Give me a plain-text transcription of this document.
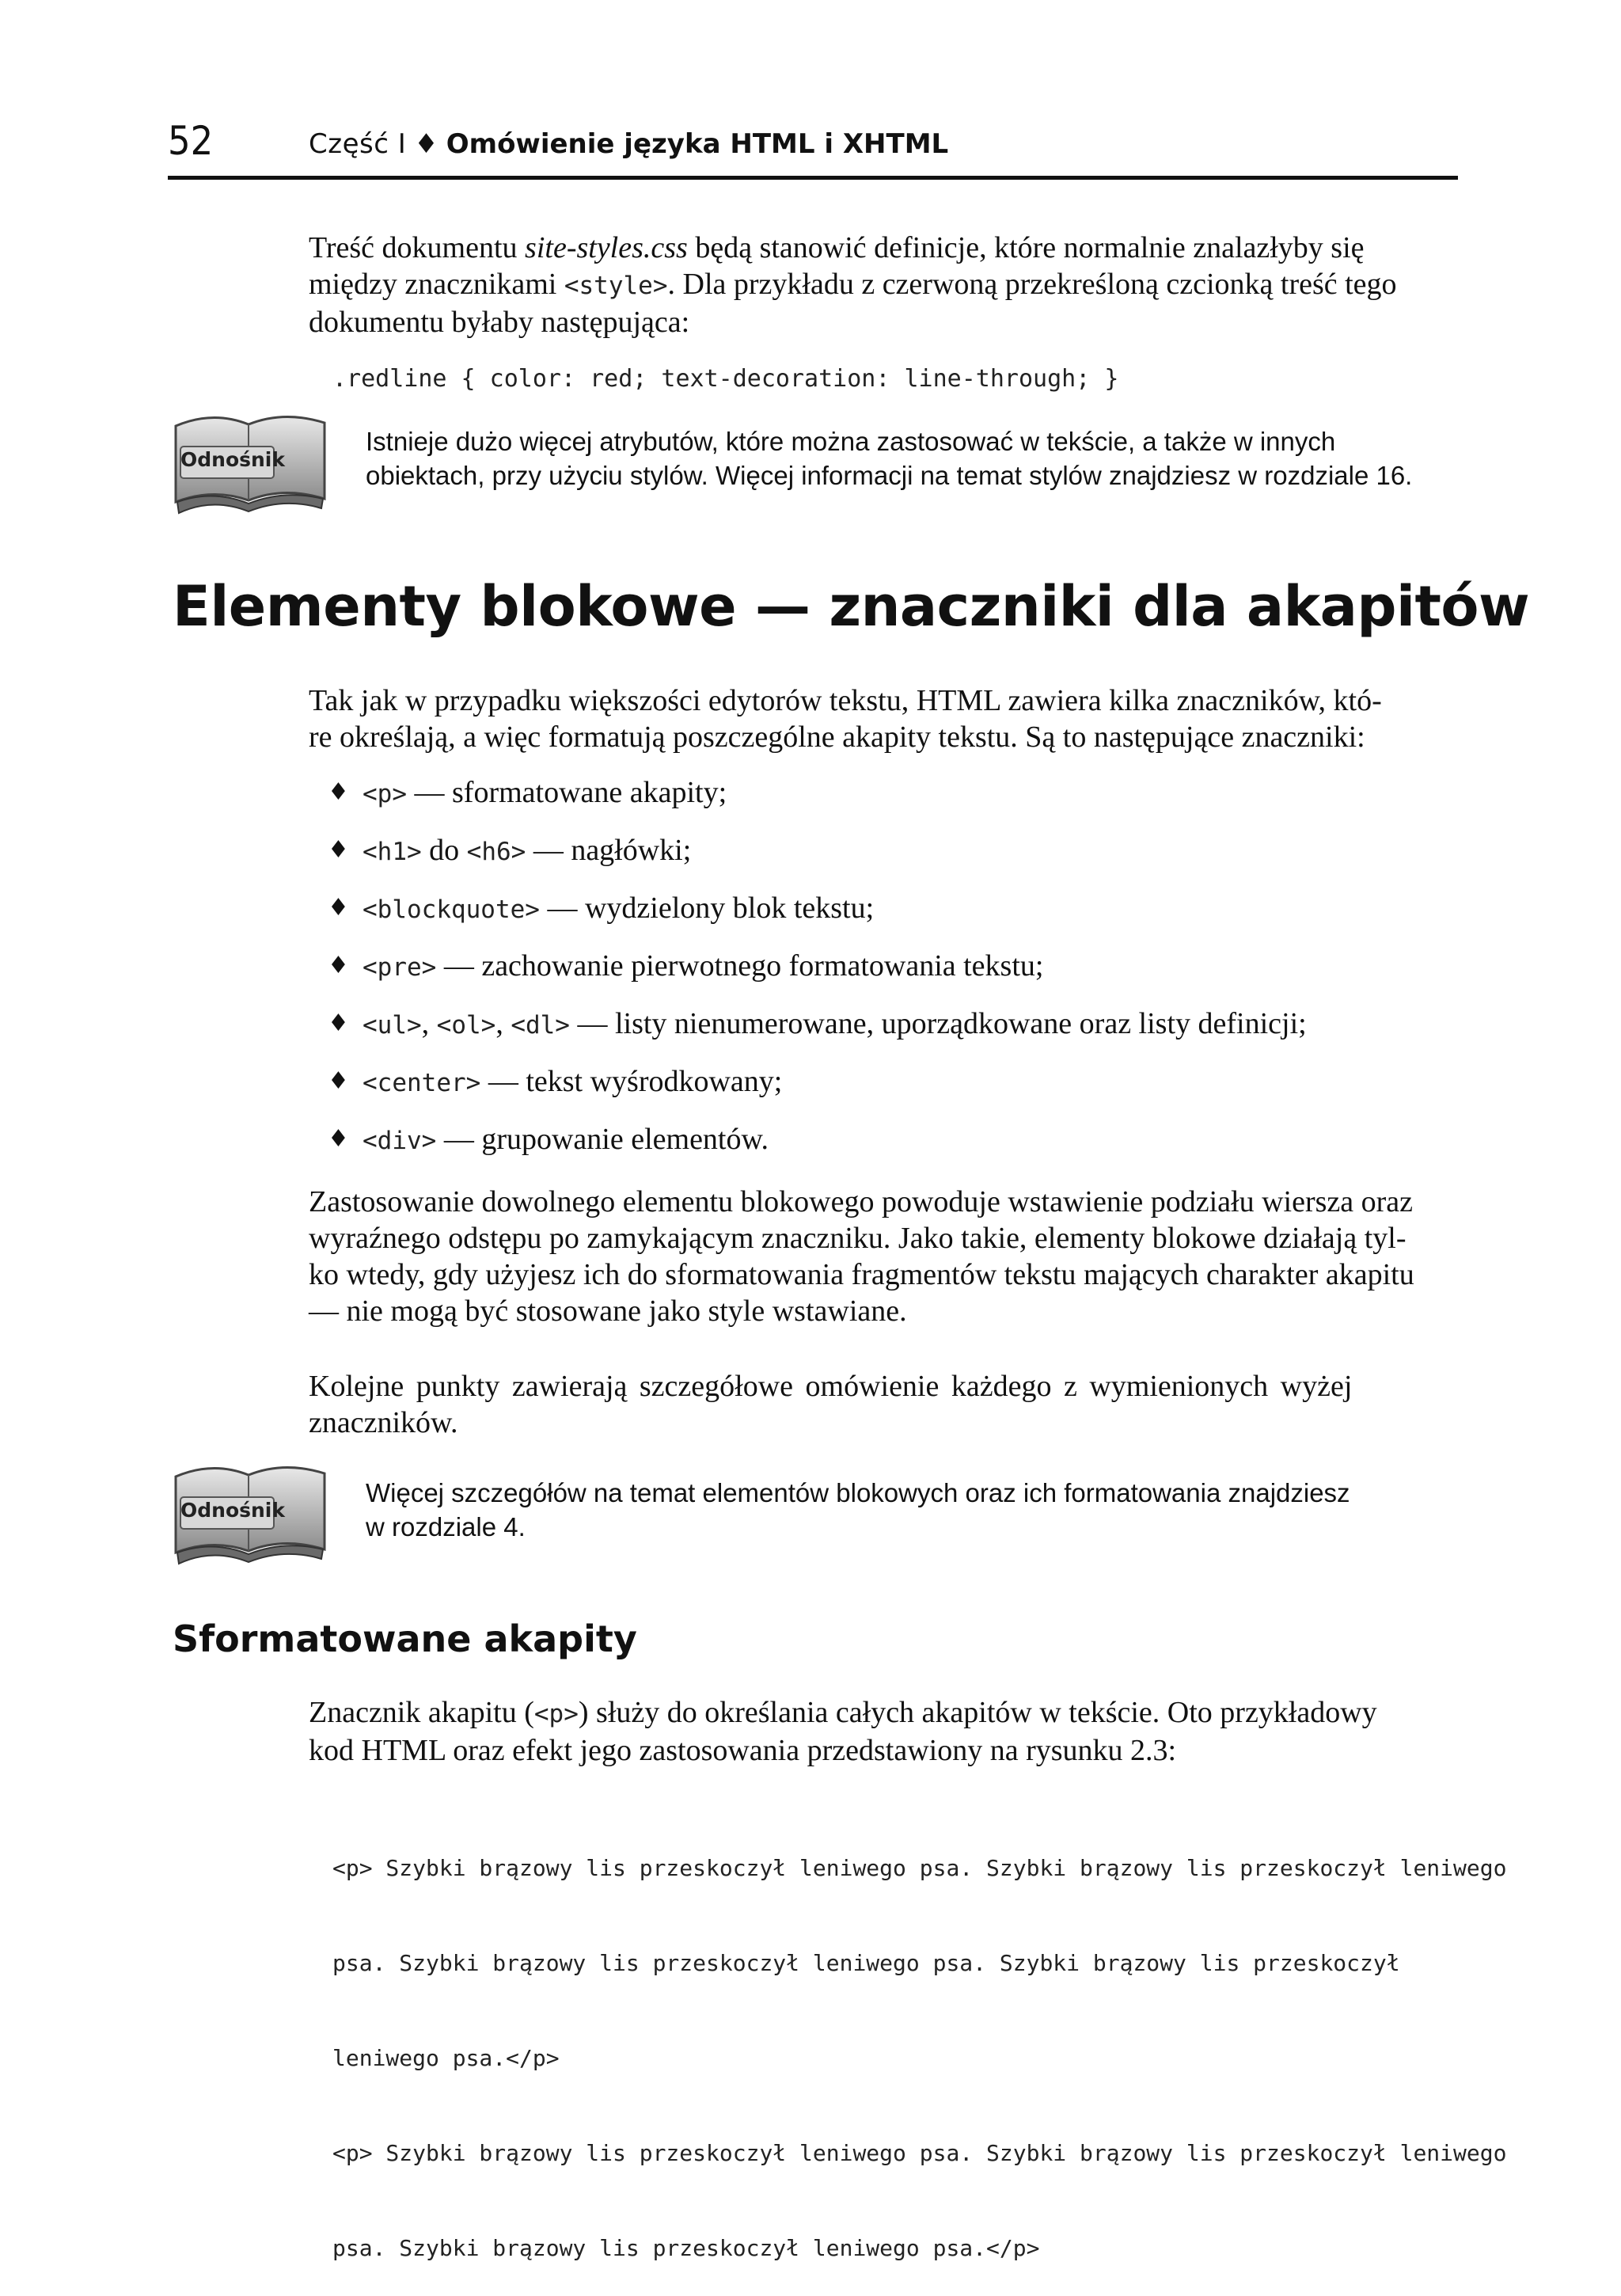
52	Część I ♦ Omówienie języka HTML i XHTML
Treść dokumentu site-styles.css będą stanowić definicje, które normalnie znalazłyby się
między znacznikami <style>. Dla przykładu z czerwoną przekreśloną czcionką treść tego
dokumentu byłaby następująca:
.redline { color: red; text-decoration: line-through; }
Odnośnik
Istnieje dużo więcej atrybutów, które można zastosować w tekście, a także w innych
obiektach, przy użyciu stylów. Więcej informacji na temat stylów znajdziesz w rozdziale 16.
Elementy blokowe — znaczniki dla akapitów
Tak jak w przypadku większości edytorów tekstu, HTML zawiera kilka znaczników, któ-
re określają, a więc formatują poszczególne akapity tekstu. Są to następujące znaczniki:
♦ <p> — sformatowane akapity;
♦ <h1> do <h6> — nagłówki;
♦ <blockquote> — wydzielony blok tekstu;
♦ <pre> — zachowanie pierwotnego formatowania tekstu;
♦ <ul>, <ol>, <dl> — listy nienumerowane, uporządkowane oraz listy definicji;
♦ <center> — tekst wyśrodkowany;
♦ <div> — grupowanie elementów.
Zastosowanie dowolnego elementu blokowego powoduje wstawienie podziału wiersza oraz
wyraźnego odstępu po zamykającym znaczniku. Jako takie, elementy blokowe działają tyl-
ko wtedy, gdy użyjesz ich do sformatowania fragmentów tekstu mających charakter akapitu
— nie mogą być stosowane jako style wstawiane.
Kolejne punkty zawierają szczegółowe omówienie każdego z wymienionych wyżej
znaczników.
Odnośnik
Więcej szczegółów na temat elementów blokowych oraz ich formatowania znajdziesz
w rozdziale 4.
Sformatowane akapity
Znacznik akapitu (<p>) służy do określania całych akapitów w tekście. Oto przykładowy
kod HTML oraz efekt jego zastosowania przedstawiony na rysunku 2.3:

<p> Szybki brązowy lis przeskoczył leniwego psa. Szybki brązowy lis przeskoczył leniwego

psa. Szybki brązowy lis przeskoczył leniwego psa. Szybki brązowy lis przeskoczył

leniwego psa.</p>

<p> Szybki brązowy lis przeskoczył leniwego psa. Szybki brązowy lis przeskoczył leniwego

psa. Szybki brązowy lis przeskoczył leniwego psa.</p>
